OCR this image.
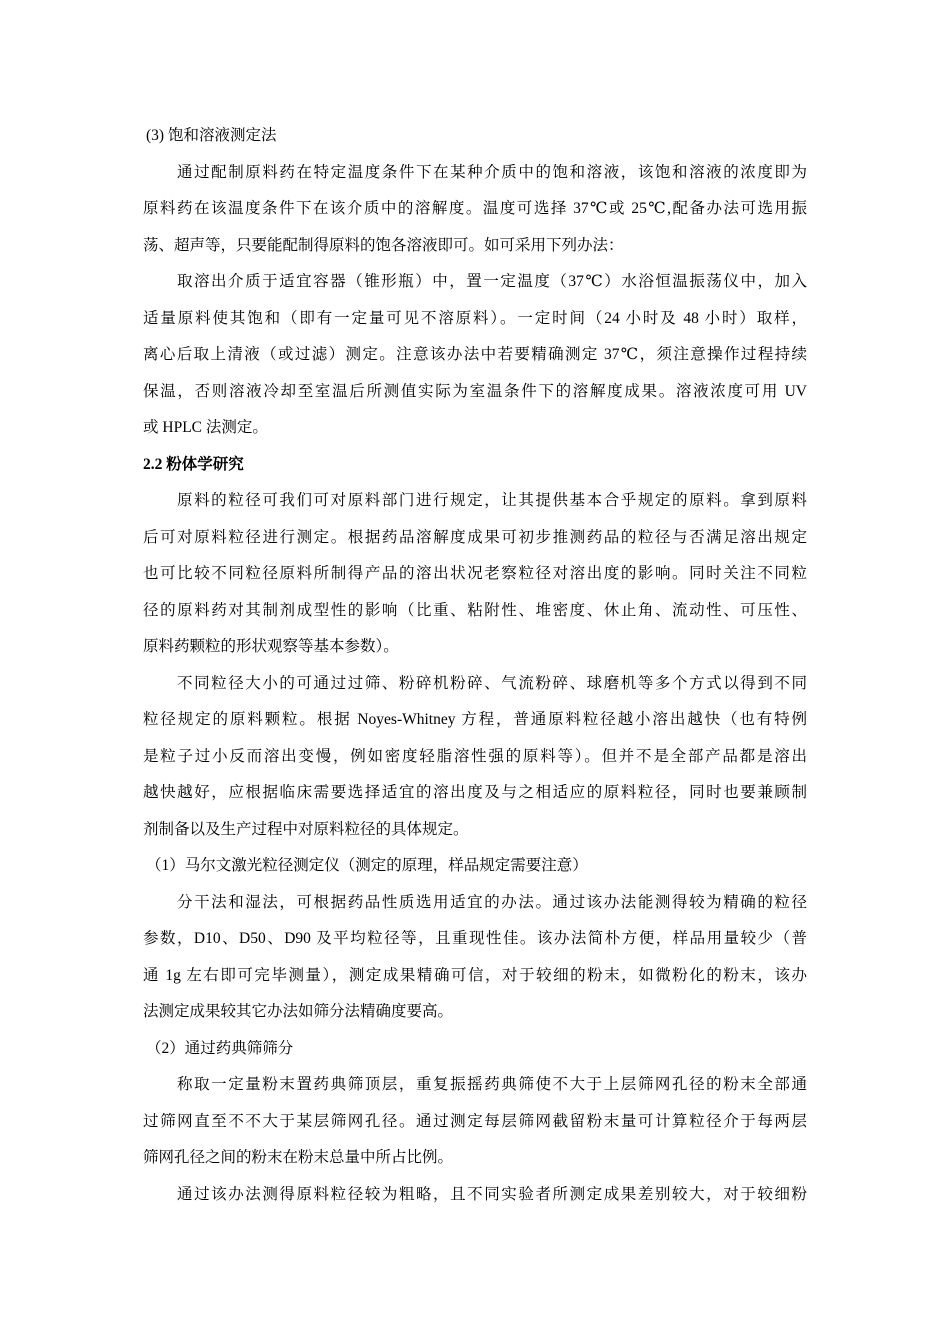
(3) 饱和溶液测定法
通过配制原料药在特定温度条件下在某种介质中的饱和溶液，该饱和溶液的浓度即为
原料药在该温度条件下在该介质中的溶解度。温度可选择 37℃或 25℃,配备办法可选用振
荡、超声等，只要能配制得原料的饱各溶液即可。如可采用下列办法：
取溶出介质于适宜容器（锥形瓶）中，置一定温度（37℃）水浴恒温振荡仪中，加入
适量原料使其饱和（即有一定量可见不溶原料）。一定时间（24 小时及 48 小时）取样，
离心后取上清液（或过滤）测定。注意该办法中若要精确测定 37℃，须注意操作过程持续
保温，否则溶液冷却至室温后所测值实际为室温条件下的溶解度成果。溶液浓度可用 UV
或 HPLC 法测定。
2.2 粉体学研究
原料的粒径可我们可对原料部门进行规定，让其提供基本合乎规定的原料。拿到原料
后可对原料粒径进行测定。根据药品溶解度成果可初步推测药品的粒径与否满足溶出规定
也可比较不同粒径原料所制得产品的溶出状况老察粒径对溶出度的影响。同时关注不同粒
径的原料药对其制剂成型性的影响（比重、粘附性、堆密度、休止角、流动性、可压性、
原料药颗粒的形状观察等基本参数）。
不同粒径大小的可通过过筛、粉碎机粉碎、气流粉碎、球磨机等多个方式以得到不同
粒径规定的原料颗粒。根据 Noyes-Whitney 方程，普通原料粒径越小溶出越快（也有特例
是粒子过小反而溶出变慢，例如密度轻脂溶性强的原料等）。但并不是全部产品都是溶出
越快越好，应根据临床需要选择适宜的溶出度及与之相适应的原料粒径，同时也要兼顾制
剂制备以及生产过程中对原料粒径的具体规定。
（1）马尔文激光粒径测定仪（测定的原理，样品规定需要注意）
分干法和湿法，可根据药品性质选用适宜的办法。通过该办法能测得较为精确的粒径
参数，D10、D50、D90 及平均粒径等，且重现性佳。该办法简朴方便，样品用量较少（普
通 1g 左右即可完毕测量），测定成果精确可信，对于较细的粉末，如微粉化的粉末，该办
法测定成果较其它办法如筛分法精确度要高。
（2）通过药典筛筛分
称取一定量粉末置药典筛顶层，重复振摇药典筛使不大于上层筛网孔径的粉末全部通
过筛网直至不不大于某层筛网孔径。通过测定每层筛网截留粉末量可计算粒径介于每两层
筛网孔径之间的粉末在粉末总量中所占比例。
通过该办法测得原料粒径较为粗略，且不同实验者所测定成果差别较大，对于较细粉
